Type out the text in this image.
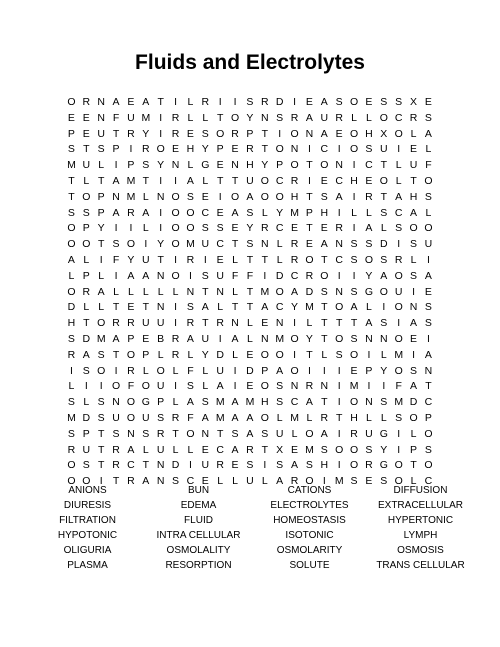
Fluids and Electrolytes
O R N A E A T I	L R I	I S R D I E A S O E S S X E
E E N F U M I R L L T O Y N S R A U R L L O C R S
P E U T R Y I R E S O R P T I O N A E O H X O L A
S T S P I R O E H Y P E R T O N I C I O S U I E L
M U L I P S Y N L G E N H Y P O T O N I C T L U F
T L T A M T I	I A L T T U O C R I E C H E O L T O
T O P N M L N O S E I O A O O H T S A I R T A H S
S S P A R A I O O C E A S L Y M P H I	L L S C A L
O P Y I	I	L I O O S S E Y R C E T E R I A L S O O
O O T S O I Y O M U C T S N L R E A N S S D I S U
A L I F Y U T I R I E L T T L R O T C S O S R L I
L P L I A A N O I S U F F I D C R O I	I Y A O S A
O R A L L L L L N T N L T M O A D S N S G O U I E
D L L T E T N I S A L T T A C Y M T O A L I O N S
H T O R R U U I R T R N L E N I	L T T T A S I A S
S D M A P E B R A U I A L N M O Y T O S N N O E I
R A S T O P L R L Y D L E O O I T L S O I	L M I A
I S O I R L O L F L U I D P A O I	I	I E P Y O S N
L I	I O F O U I S L A I E O S N R N I M I	I F A T
S L S N O G P L A S M A M H S C A T I O N S M D C
M D S U O U S R F A M A A O L M L R T H L L S O P
S P T S N S R T O N T S A S U L O A I R U G I	L O
R U T R A L U L L E C A R T X E M S O O S Y I P S
O S T R C T N D I U R E S I S A S H I O R G O T O
O O I T R A N S C E L L U L A R O I M S E S O L C
ANIONS	BUN	CATIONS	DIFFUSION
DIURESIS	EDEMA	ELECTROLYTES	EXTRACELLULAR
FILTRATION	FLUID	HOMEOSTASIS	HYPERTONIC
HYPOTONIC	INTRA CELLULAR	ISOTONIC	LYMPH
OLIGURIA	OSMOLALITY	OSMOLARITY	OSMOSIS
PLASMA	RESORPTION	SOLUTE	TRANS CELLULAR
